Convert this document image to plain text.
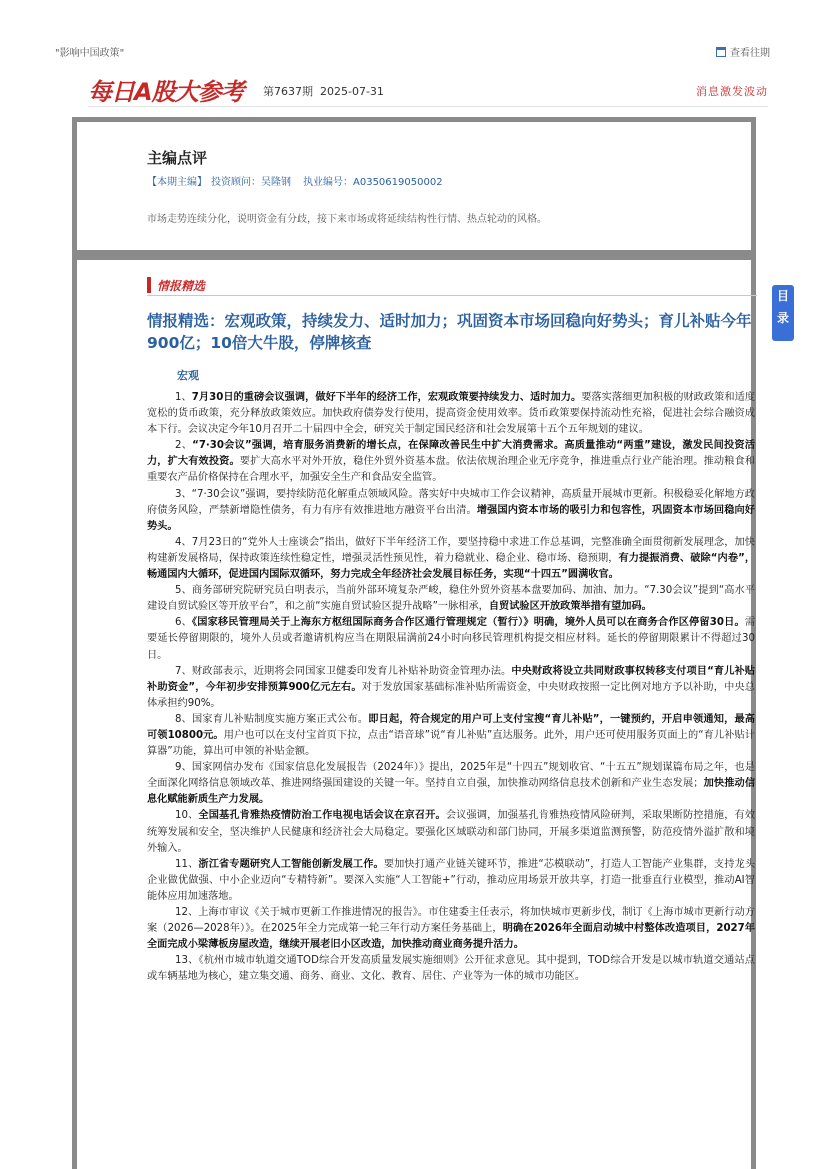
"影响中国政策"	查看往期
每日A股大参考 第7637期 2025-07-31	消息激发波动
主编点评
【本期主编】 投资顾问：吴隆钢 执业编号：A0350619050002
市场走势连续分化，说明资金有分歧，接下来市场或将延续结构性行情、热点轮动的风格。
情报精选
情报精选：宏观政策，持续发力、适时加力；巩固资本市场回稳向好势头；育儿补贴今年900亿；10倍大牛股，停牌核查
宏观

1、7月30日的重磅会议强调，做好下半年的经济工作，宏观政策要持续发力、适时加力。要落实落细更加积极的财政政策和适度宽松的货币政策，充分释放政策效应。加快政府债券发行使用，提高资金使用效率。货币政策要保持流动性充裕，促进社会综合融资成本下行。会议决定今年10月召开二十届四中全会，研究关于制定国民经济和社会发展第十五个五年规划的建议。

2、“7·30会议”强调，培育服务消费新的增长点，在保障改善民生中扩大消费需求。高质量推动“两重”建设，激发民间投资活力，扩大有效投资。要扩大高水平对外开放，稳住外贸外资基本盘。依法依规治理企业无序竞争，推进重点行业产能治理。推动粮食和重要农产品价格保持在合理水平，加强安全生产和食品安全监管。

3、“7·30会议”强调，要持续防范化解重点领域风险。落实好中央城市工作会议精神，高质量开展城市更新。积极稳妥化解地方政府债务风险，严禁新增隐性债务，有力有序有效推进地方融资平台出清。增强国内资本市场的吸引力和包容性，巩固资本市场回稳向好势头。

4、7月23日的“党外人士座谈会”指出，做好下半年经济工作，要坚持稳中求进工作总基调，完整准确全面贯彻新发展理念，加快构建新发展格局，保持政策连续性稳定性，增强灵活性预见性，着力稳就业、稳企业、稳市场、稳预期，有力提振消费、破除“内卷”，畅通国内大循环，促进国内国际双循环，努力完成全年经济社会发展目标任务，实现“十四五”圆满收官。

5、商务部研究院研究员白明表示，当前外部环境复杂严峻，稳住外贸外资基本盘要加码、加油、加力。“7.30会议”提到“高水平建设自贸试验区等开放平台”，和之前“实施自贸试验区提升战略”一脉相承，自贸试验区开放政策举措有望加码。

6、《国家移民管理局关于上海东方枢纽国际商务合作区通行管理规定（暂行）》明确，境外人员可以在商务合作区停留30日。需要延长停留期限的，境外人员或者邀请机构应当在期限届满前24小时向移民管理机构提交相应材料。延长的停留期限累计不得超过30日。

7、财政部表示，近期将会同国家卫健委印发育儿补贴补助资金管理办法。中央财政将设立共同财政事权转移支付项目“育儿补贴补助资金”，今年初步安排预算900亿元左右。对于发放国家基础标准补贴所需资金，中央财政按照一定比例对地方予以补助，中央总体承担约90%。

8、国家育儿补贴制度实施方案正式公布。即日起，符合规定的用户可上支付宝搜“育儿补贴”，一键预约，开启申领通知，最高可领10800元。用户也可以在支付宝首页下拉，点击“语音球”说“育儿补贴”直达服务。此外，用户还可使用服务页面上的“育儿补贴计算器”功能，算出可申领的补贴金额。

9、国家网信办发布《国家信息化发展报告（2024年）》提出，2025年是“十四五”规划收官、“十五五”规划谋篇布局之年，也是全面深化网络信息领域改革、推进网络强国建设的关键一年。坚持自立自强，加快推动网络信息技术创新和产业生态发展；加快推动信息化赋能新质生产力发展。

10、全国基孔肯雅热疫情防治工作电视电话会议在京召开。会议强调，加强基孔肯雅热疫情风险研判，采取果断防控措施，有效统筹发展和安全，坚决维护人民健康和经济社会大局稳定。要强化区域联动和部门协同，开展多渠道监测预警，防范疫情外溢扩散和境外输入。

11、浙江省专题研究人工智能创新发展工作。要加快打通产业链关键环节，推进“芯模联动”，打造人工智能产业集群，支持龙头企业做优做强、中小企业迈向“专精特新”。要深入实施“人工智能+”行动，推动应用场景开放共享，打造一批垂直行业模型，推动AI智能体应用加速落地。

12、上海市审议《关于城市更新工作推进情况的报告》。市住建委主任表示，将加快城市更新步伐，制订《上海市城市更新行动方案（2026—2028年）》。在2025年全力完成第一轮三年行动方案任务基础上，明确在2026年全面启动城中村整体改造项目，2027年全面完成小梁薄板房屋改造，继续开展老旧小区改造，加快推动商业商务提升活力。

13、《杭州市城市轨道交通TOD综合开发高质量发展实施细则》公开征求意见。其中提到，TOD综合开发是以城市轨道交通站点或车辆基地为核心，建立集交通、商务、商业、文化、教育、居住、产业等为一体的城市功能区。

目录
